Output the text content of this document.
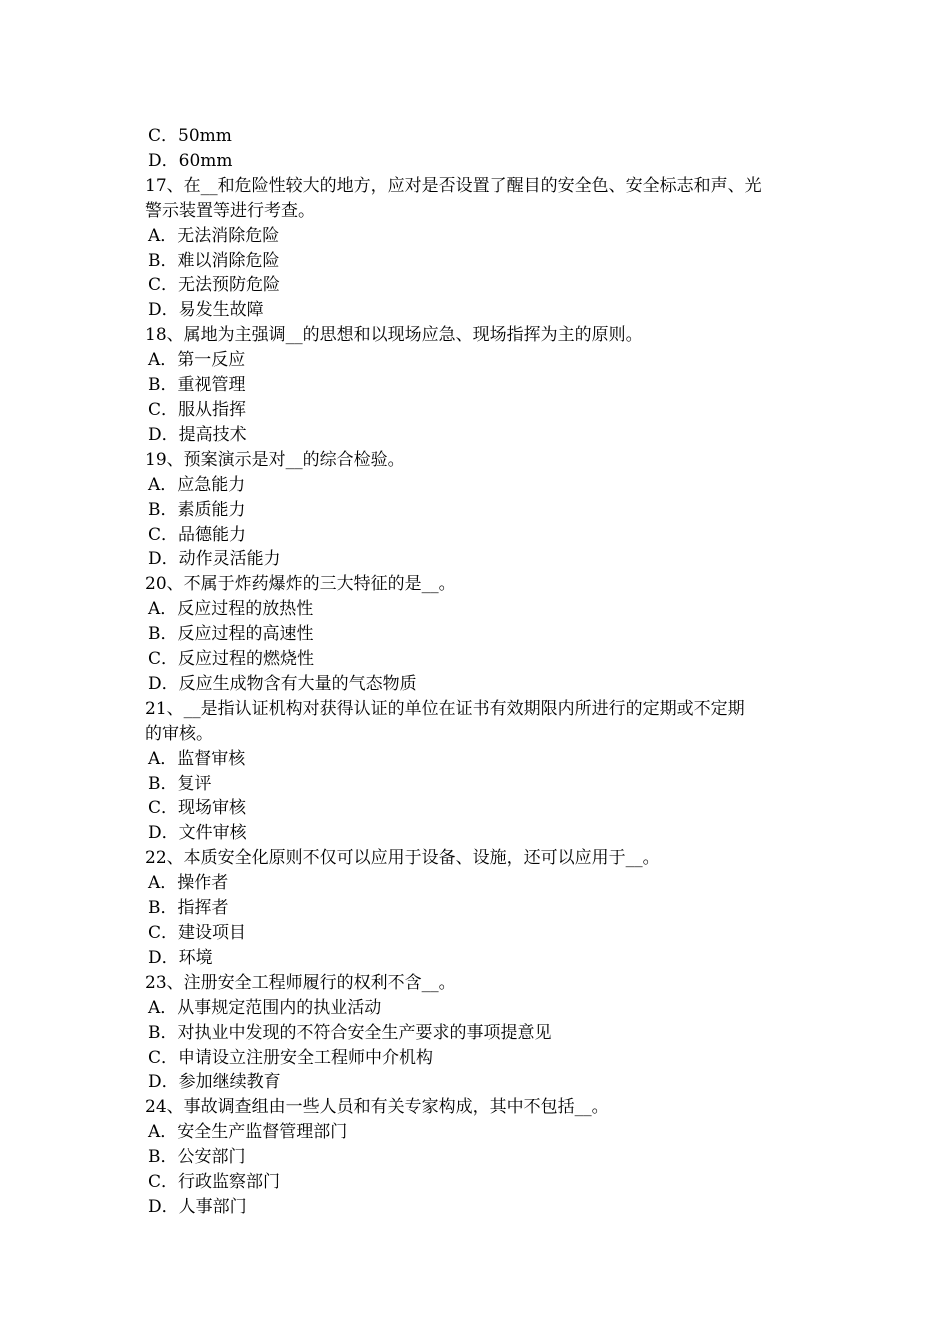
C．50mm
D．60mm
17、在__和危险性较大的地方，应对是否设置了醒目的安全色、安全标志和声、光
警示装置等进行考查。
A．无法消除危险
B．难以消除危险
C．无法预防危险
D．易发生故障
18、属地为主强调__的思想和以现场应急、现场指挥为主的原则。
A．第一反应
B．重视管理
C．服从指挥
D．提高技术
19、预案演示是对__的综合检验。
A．应急能力
B．素质能力
C．品德能力
D．动作灵活能力
20、不属于炸药爆炸的三大特征的是__。
A．反应过程的放热性
B．反应过程的高速性
C．反应过程的燃烧性
D．反应生成物含有大量的气态物质
21、__是指认证机构对获得认证的单位在证书有效期限内所进行的定期或不定期
的审核。
A．监督审核
B．复评
C．现场审核
D．文件审核
22、本质安全化原则不仅可以应用于设备、设施，还可以应用于__。
A．操作者
B．指挥者
C．建设项目
D．环境
23、注册安全工程师履行的权利不含__。
A．从事规定范围内的执业活动
B．对执业中发现的不符合安全生产要求的事项提意见
C．申请设立注册安全工程师中介机构
D．参加继续教育
24、事故调查组由一些人员和有关专家构成，其中不包括__。
A．安全生产监督管理部门
B．公安部门
C．行政监察部门
D．人事部门
